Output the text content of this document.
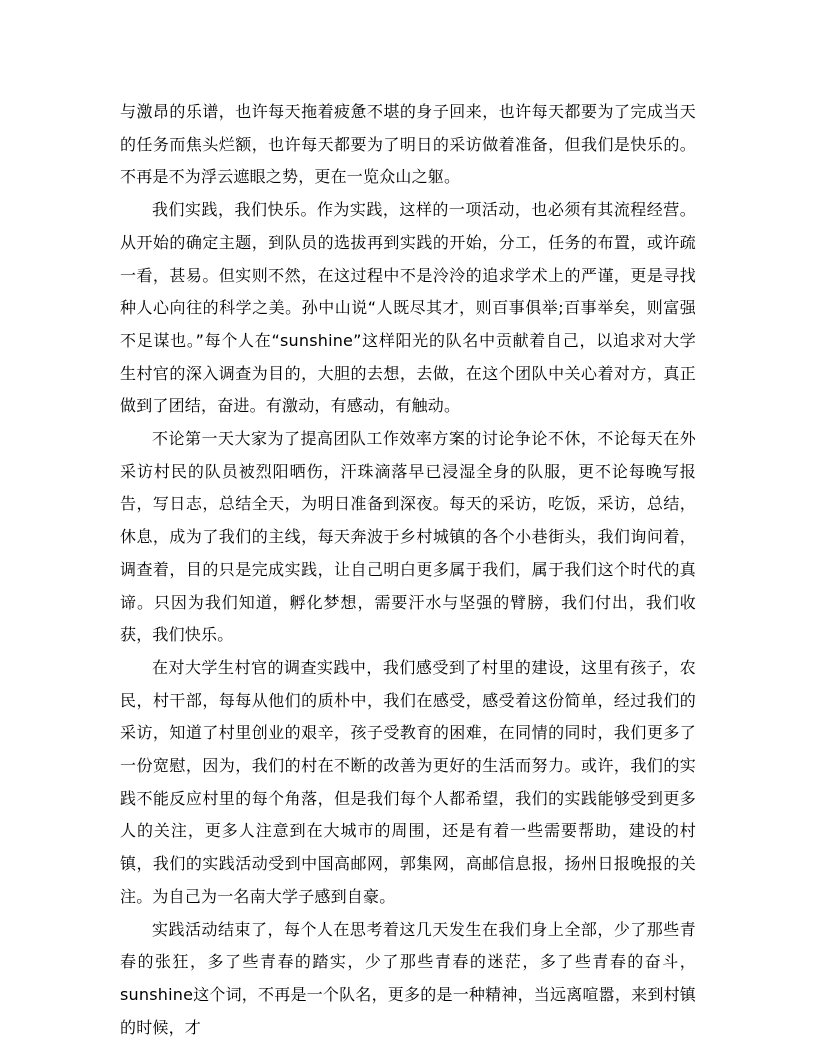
与激昂的乐谱，也许每天拖着疲惫不堪的身子回来，也许每天都要为了完成当天的任务而焦头烂额，也许每天都要为了明日的采访做着准备，但我们是快乐的。不再是不为浮云遮眼之势，更在一览众山之躯。

我们实践，我们快乐。作为实践，这样的一项活动，也必须有其流程经营。从开始的确定主题，到队员的选拔再到实践的开始，分工，任务的布置，或许疏一看，甚易。但实则不然，在这过程中不是泠泠的追求学术上的严谨，更是寻找种人心向往的科学之美。孙中山说“人既尽其才，则百事俱举;百事举矣，则富强不足谋也。”每个人在“sunshine”这样阳光的队名中贡献着自己，以追求对大学生村官的深入调查为目的，大胆的去想，去做，在这个团队中关心着对方，真正做到了团结，奋进。有激动，有感动，有触动。

不论第一天大家为了提高团队工作效率方案的讨论争论不休，不论每天在外采访村民的队员被烈阳晒伤，汗珠滴落早已浸湿全身的队服，更不论每晚写报告，写日志，总结全天，为明日准备到深夜。每天的采访，吃饭，采访，总结，休息，成为了我们的主线，每天奔波于乡村城镇的各个小巷街头，我们询问着，调查着，目的只是完成实践，让自己明白更多属于我们，属于我们这个时代的真谛。只因为我们知道，孵化梦想，需要汗水与坚强的臂膀，我们付出，我们收获，我们快乐。

在对大学生村官的调查实践中，我们感受到了村里的建设，这里有孩子，农民，村干部，每每从他们的质朴中，我们在感受，感受着这份简单，经过我们的采访，知道了村里创业的艰辛，孩子受教育的困难，在同情的同时，我们更多了一份宽慰，因为，我们的村在不断的改善为更好的生活而努力。或许，我们的实践不能反应村里的每个角落，但是我们每个人都希望，我们的实践能够受到更多人的关注，更多人注意到在大城市的周围，还是有着一些需要帮助，建设的村镇，我们的实践活动受到中国高邮网，郭集网，高邮信息报，扬州日报晚报的关注。为自己为一名南大学子感到自豪。

实践活动结束了，每个人在思考着这几天发生在我们身上全部，少了那些青春的张狂，多了些青春的踏实，少了那些青春的迷茫，多了些青春的奋斗，sunshine这个词，不再是一个队名，更多的是一种精神，当远离喧嚣，来到村镇的时候，才
